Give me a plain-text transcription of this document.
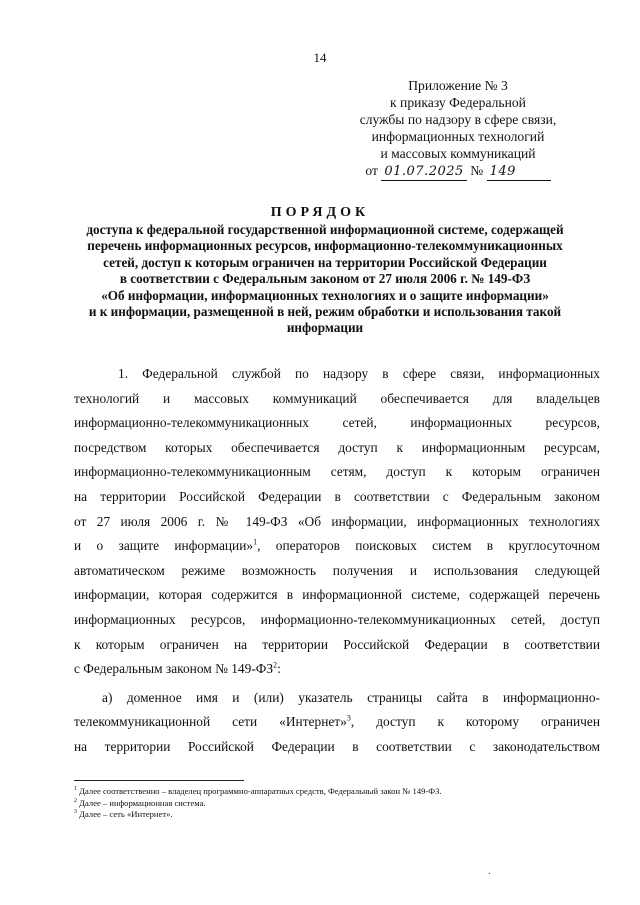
14
Приложение № 3
к приказу Федеральной
службы по надзору в сфере связи,
информационных технологий
и массовых коммуникаций
от 01.07.2025 № 149
ПОРЯДОК
доступа к федеральной государственной информационной системе, содержащей
перечень информационных ресурсов, информационно-телекоммуникационных
сетей, доступ к которым ограничен на территории Российской Федерации
в соответствии с Федеральным законом от 27 июля 2006 г. № 149-ФЗ
«Об информации, информационных технологиях и о защите информации»
и к информации, размещенной в ней, режим обработки и использования такой
информации
1. Федеральной службой по надзору в сфере связи, информационных
технологий и массовых коммуникаций обеспечивается для владельцев
информационно-телекоммуникационных сетей, информационных ресурсов,
посредством которых обеспечивается доступ к информационным ресурсам,
информационно-телекоммуникационным сетям, доступ к которым ограничен
на территории Российской Федерации в соответствии с Федеральным законом
от 27 июля 2006 г. № 149-ФЗ «Об информации, информационных технологиях
и о защите информации»$^1$, операторов поисковых систем в круглосуточном
автоматическом режиме возможность получения и использования следующей
информации, которая содержится в информационной системе, содержащей перечень
информационных ресурсов, информационно-телекоммуникационных сетей, доступ
к которым ограничен на территории Российской Федерации в соответствии
с Федеральным законом № $149-ФЗ^2$:
а) доменное имя и (или) указатель страницы сайта в информационно-
телекоммуникационной сети «Интернет»$^3$, доступ к которому ограничен
на территории Российской Федерации в соответствии с законодательством
$^1$ Далее соответственно – владелец программно-аппаратных средств, Федеральный закон № 149-ФЗ.
$^2$ Далее – информационная система.
$^3$ Далее – сеть «Интернет».
.
